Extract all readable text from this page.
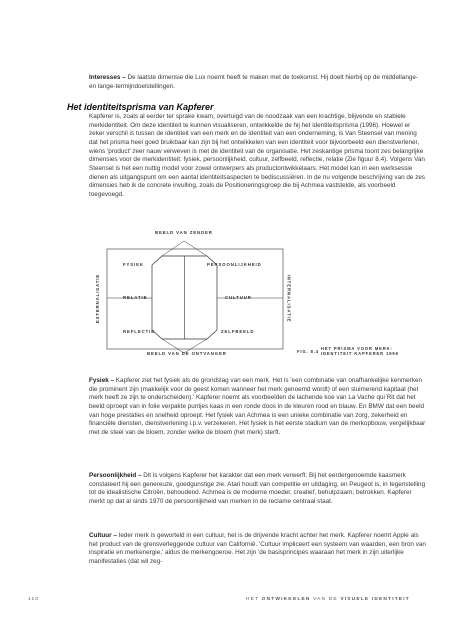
Interesses – De laatste dimensie die Lux noemt heeft te maken met de toekomst. Hij doelt hierbij op de middellange- en lange-termijndoelstellingen.

Het identiteitsprisma van Kapferer

Kapferer is, zoals al eerder ter sprake kwam, overtuigd van de noodzaak van een krachtige, blijvende en stabiele merkidentiteit. Om deze identiteit te kunnen visualiseren, ontwikkelde de hij het identiteitsprisma (1996). Hoewel er zeker verschil is tussen de identiteit van een merk en de identiteit van een onderneming, is Van Steensel van mening dat het prisma heel goed bruikbaar kan zijn bij het ontwikkelen van een identiteit voor bijvoorbeeld een dienstverlener, wiens 'product' zeer nauw verweven is met de identiteit van de organisatie. Het zeskantige prisma toont zes belangrijke dimensies voor de merkidentiteit: fysiek, persoonlijkheid, cultuur, zelfbeeld, reflectie, relatie (Zie figuur 8.4). Volgens Van Steensel is het een nuttig model voor zowel ontwerpers als productontwikkelaars. Het model kan in een werksessie dienen als uitgangspunt om een aantal identiteitsaspecten te bediscussiëren. In de nu volgende beschrijving van de zes dimensies heb ik de concrete invulling, zoals de Positioneringsgroep die bij Achmea vaststelde, als voorbeeld toegevoegd.

BEELD VAN ZENDER
FYSIEK	PERSOONLIJKHEID
RELATIE	CULTUUR
REFLECTIE	ZELFBEELD
BEELD VAN DE ONTVANGER
EXTERNALISATIE	INTERNALISATIE
FIG. 8.4
HET PRISMA VOOR MERK-
IDENTITEIT KAPFERER 1996

Fysiek – Kapferer ziet het fysiek als de grondslag van een merk. Het is 'een combinatie van onafhankelijke kenmerken die prominent zijn (makkelijk voor de geest komen wanneer het merk genoemd wordt) of een sluimerend kapitaal (het merk heeft ze zijn te onderscheiden).' Kapferer noemt als voorbeelden de lachende koe van La Vache qui Rit dat het beeld oproept van in folie verpakte puntjes kaas in een ronde doos in de kleuren rood en blauw. En BMW dat een beeld van hoge prestaties en snelheid oproept. Het fysiek van Achmea is een unieke combinatie van zorg, zekerheid en financiële diensten, dienstverlening i.p.v. verzekeren. Het fysiek is het eerste stadium van de merkopbouw, vergelijkbaar met de steel van de bloem, zonder welke de bloem (het merk) sterft.

Persoonlijkheid – Dit is volgens Kapferer het karakter dat een merk verwerft. Bij het eerdergenoemde kaasmerk constateert hij een genereuze, goedgunstige zie. Atari houdt van competitie en uitdaging, en Peugeot is, in tegenstelling tot de idealistische Citroën, behoudend. Achmea is de moderne moeder, creatief, behulpzaam, betrokken. Kapferer merkt op dat al sinds 1970 de persoonlijkheid van merken in de reclame centraal staat.

Cultuur – Ieder merk is geworteld in een cultuur, het is de drijvende kracht achter het merk. Kapferer noemt Apple als het product van de grensverleggende cultuur van Californië. 'Cultuur impliceert een systeem van waarden, een bron van inspiratie en merkenergie,' aldus de merkengoeroe. Het zijn 'de basisprincipes waaraan het merk in zijn uiterlijke manifestaties (dat wil zeg-

110	HET ONTWIKKELEN VAN DE VISUELE IDENTITEIT
